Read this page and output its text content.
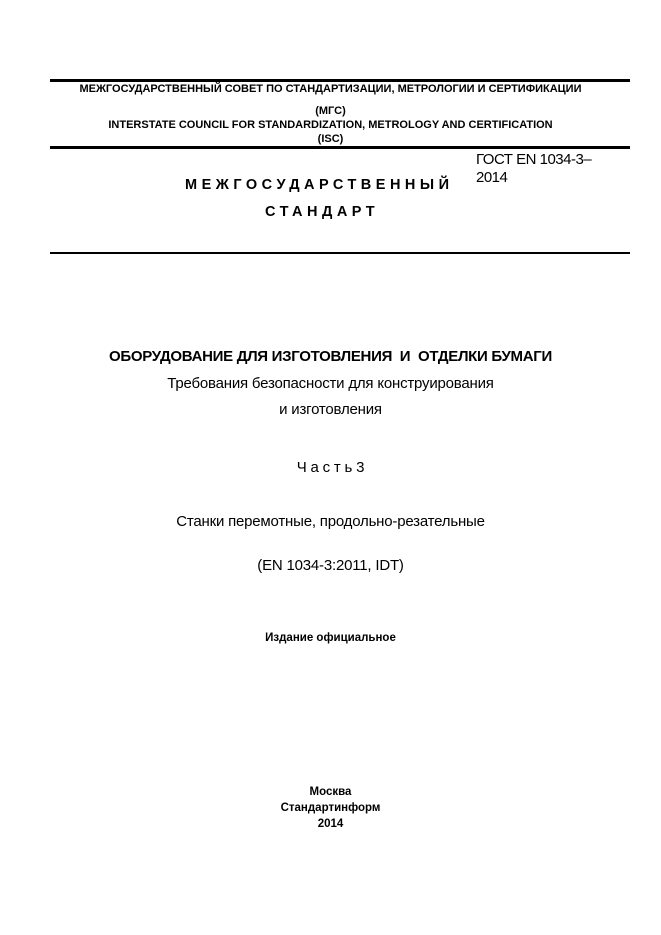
МЕЖГОСУДАРСТВЕННЫЙ СОВЕТ ПО СТАНДАРТИЗАЦИИ, МЕТРОЛОГИИ И СЕРТИФИКАЦИИ
(МГС)
INTERSTATE COUNCIL FOR STANDARDIZATION, METROLOGY AND CERTIFICATION
(ISC)
МЕЖГОСУДАРСТВЕННЫЙ
СТАНДАРТ
ГОСТ EN 1034-3–
2014
ОБОРУДОВАНИЕ ДЛЯ ИЗГОТОВЛЕНИЯ  И  ОТДЕЛКИ БУМАГИ
Требования безопасности для конструирования
и изготовления
Ч а с т ь 3
Станки перемотные, продольно-резательные
(EN 1034-3:2011, IDT)
Издание официальное
Москва
Стандартинформ
2014
